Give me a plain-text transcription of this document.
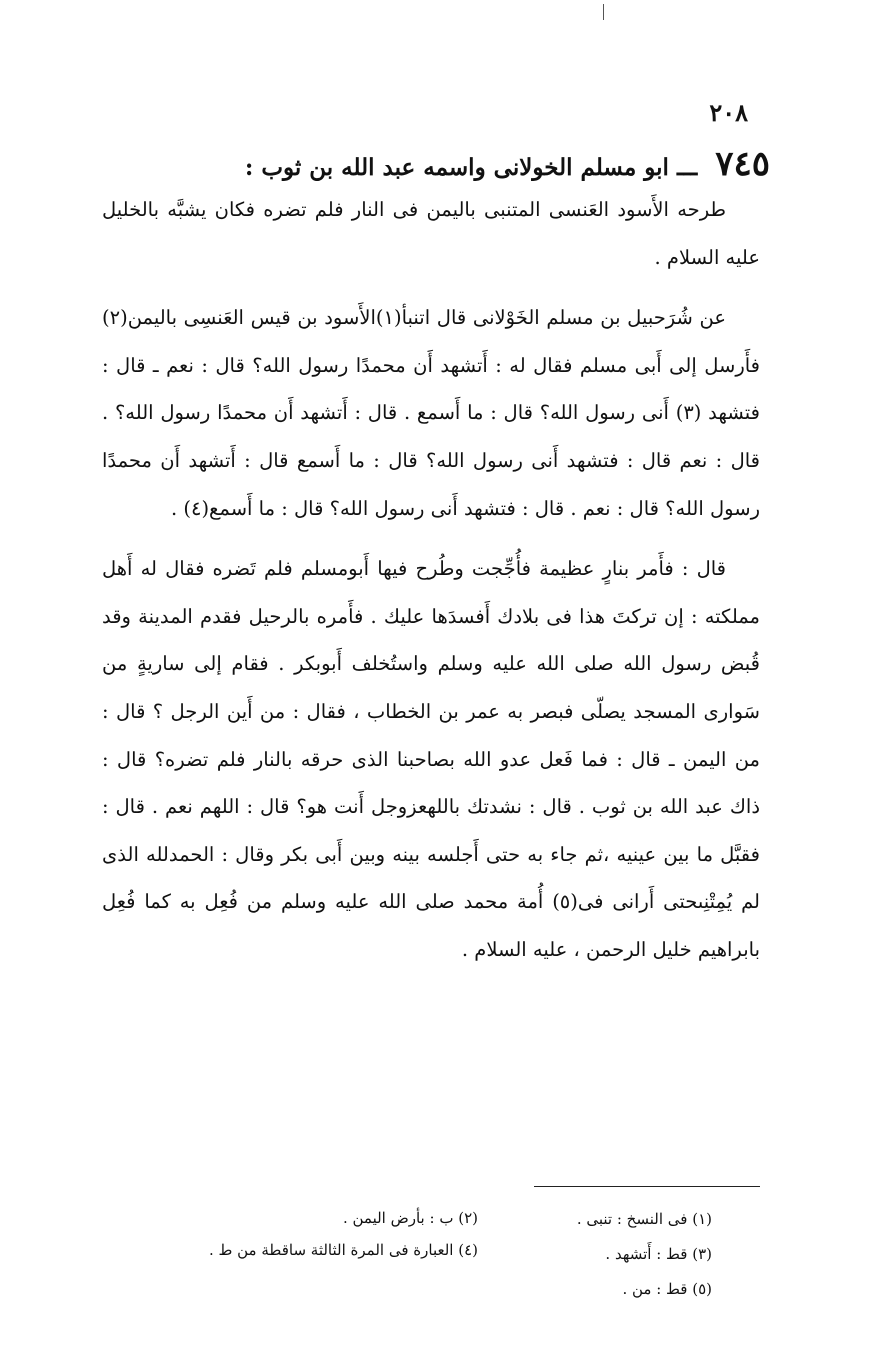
٢٠٨
٧٤٥ ـــ ابو مسلم الخولانى واسمه عبد الله بن ثوب :

طرحه الأَسود العَنسى المتنبى باليمن فى النار فلم تضره فكان يشبَّه بالخليل عليه السلام .

عن شُرَحبيل بن مسلم الخَوْلانى قال اتنبأ(١)الأَسود بن قيس العَنسِى باليمن(٢) فأَرسل إلى أَبى مسلم فقال له : أَتشهد أَن محمدًا رسول الله؟ قال : نعم ـ قال : فتشهد (٣) أَنى رسول الله؟ قال : ما أَسمع . قال : أَتشهد أَن محمدًا رسول الله؟ . قال : نعم قال : فتشهد أَنى رسول الله؟ قال : ما أَسمع قال : أَتشهد أَن محمدًا رسول الله؟ قال : نعم . قال : فتشهد أَنى رسول الله؟ قال : ما أَسمع(٤) .

قال : فأَمر بنارٍ عظيمة فأُجِّجت وطُرح فيها أَبومسلم فلم تَضره فقال له أَهل مملكته : إن تركتَ هذا فى بلادك أَفسدَها عليك . فأَمره بالرحيل فقدم المدينة وقد قُبض رسول الله صلى الله عليه وسلم واستُخلف أَبوبكر . فقام إلى ساريةٍ من سَوارى المسجد يصلّى فبصر به عمر بن الخطاب ، فقال : من أَين الرجل ؟ قال : من اليمن ـ قال : فما فَعل عدو الله بصاحبنا الذى حرقه بالنار فلم تضره؟ قال : ذاك عبد الله بن ثوب . قال : نشدتك باللهعزوجل أَنت هو؟ قال : اللهم نعم . قال : فقبَّل ما بين عينيه ،ثم جاء به حتى أَجلسه بينه وبين أَبى بكر وقال : الحمدلله الذى لم يُمِتْنِىحتى أَرانى فى(٥) أُمة محمد صلى الله عليه وسلم من فُعِل به كما فُعِل بابراهيم خليل الرحمن ، عليه السلام .

(١) فى النسخ : تنبى .
(٣) قط : أَتشهد .
(٥) قط : من .
(٢) ب : بأرض اليمن .
(٤) العبارة فى المرة الثالثة ساقطة من ط .
